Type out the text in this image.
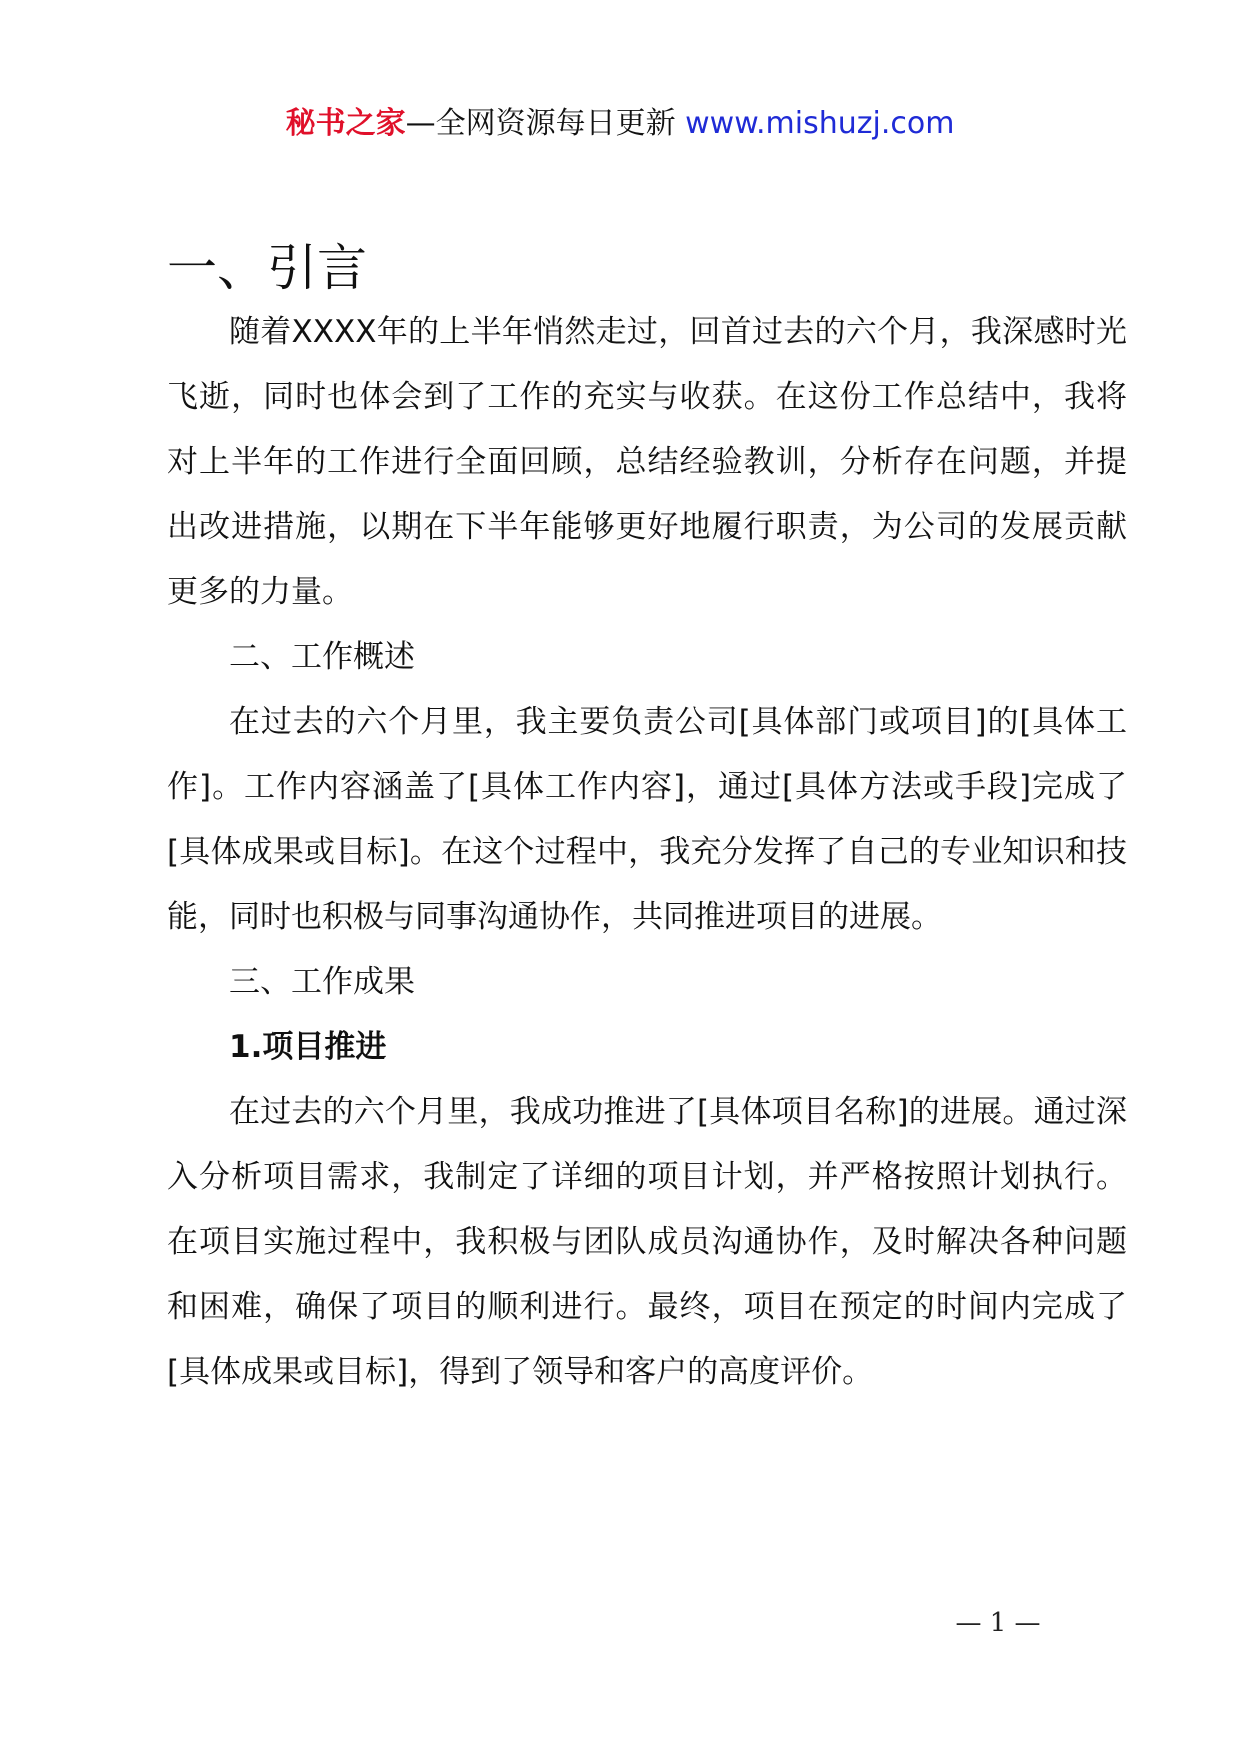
秘书之家—全网资源每日更新 www.mishuzj.com
一、引言

随着XXXX年的上半年悄然走过，回首过去的六个月，我深感时光飞逝，同时也体会到了工作的充实与收获。在这份工作总结中，我将对上半年的工作进行全面回顾，总结经验教训，分析存在问题，并提出改进措施，以期在下半年能够更好地履行职责，为公司的发展贡献更多的力量。

二、工作概述

在过去的六个月里，我主要负责公司[具体部门或项目]的[具体工作]。工作内容涵盖了[具体工作内容]，通过[具体方法或手段]完成了[具体成果或目标]。在这个过程中，我充分发挥了自己的专业知识和技能，同时也积极与同事沟通协作，共同推进项目的进展。

三、工作成果
1.项目推进

在过去的六个月里，我成功推进了[具体项目名称]的进展。通过深入分析项目需求，我制定了详细的项目计划，并严格按照计划执行。在项目实施过程中，我积极与团队成员沟通协作，及时解决各种问题和困难，确保了项目的顺利进行。最终，项目在预定的时间内完成了[具体成果或目标]，得到了领导和客户的高度评价。

— 1 —
